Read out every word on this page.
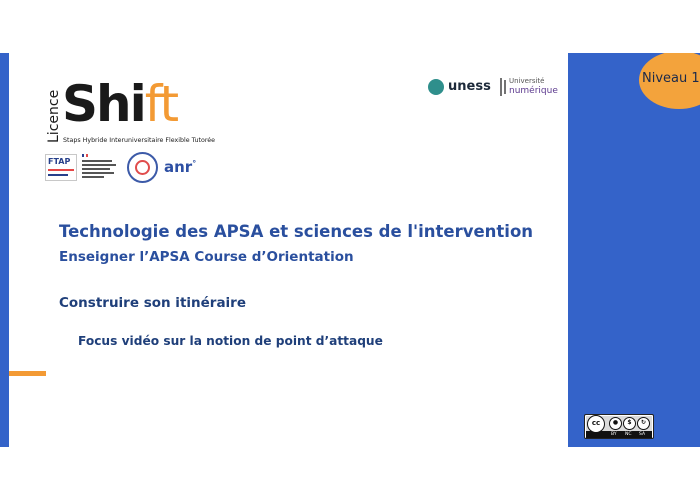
Niveau 1
Licence Shift
Staps Hybride Interuniversitaire Flexible Tutorée
FTAP	anr°
uness	Université
numérique
Technologie des APSA et sciences de l'intervention
Enseigner l’APSA Course d’Orientation
Construire son itinéraire
Focus vidéo sur la notion de point d’attaque
cc	●	$	↻
BY NC SA
